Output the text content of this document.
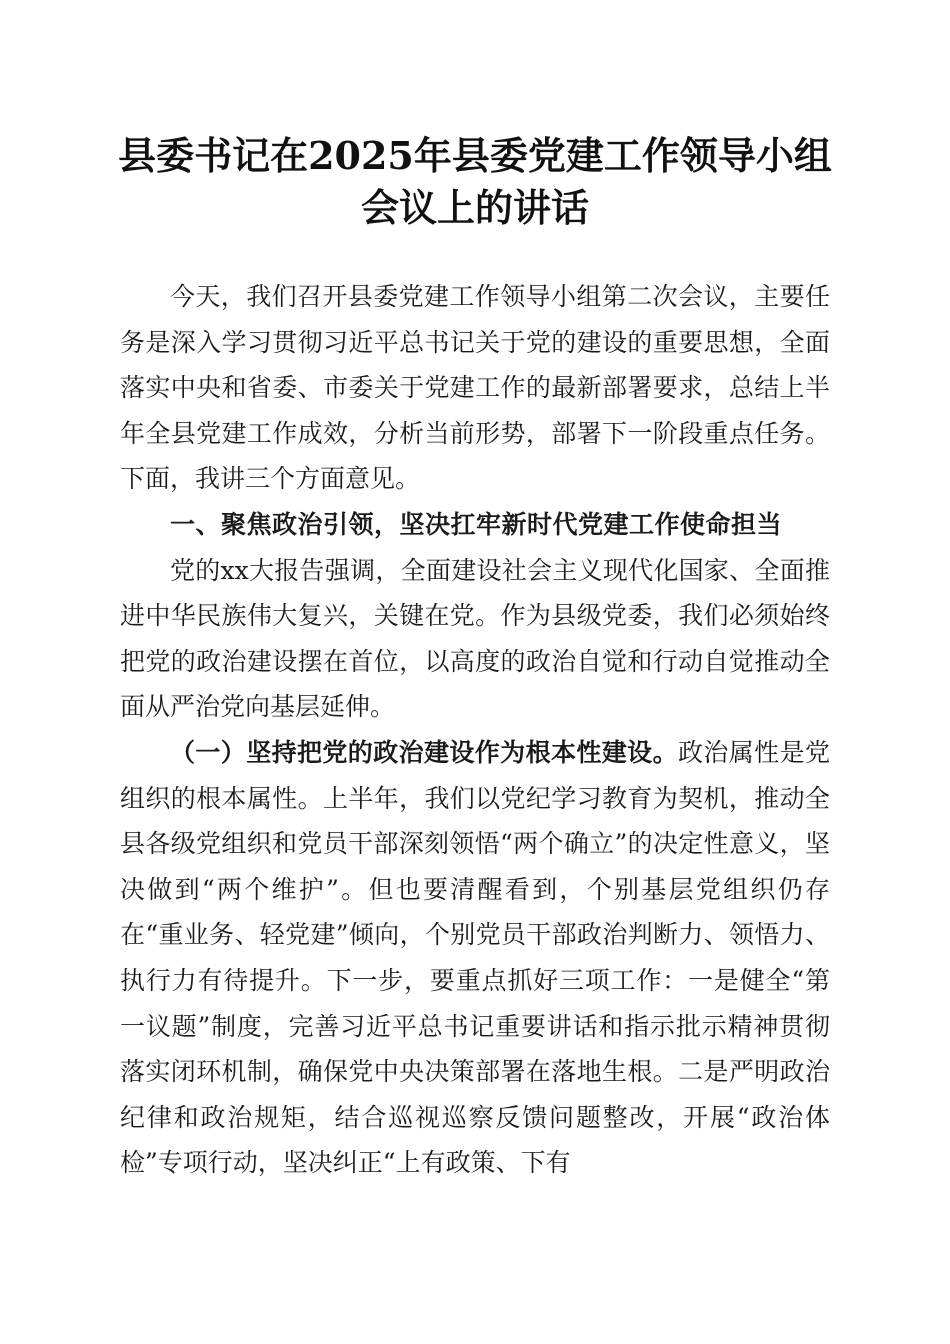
县委书记在2025年县委党建工作领导小组会议上的讲话

今天，我们召开县委党建工作领导小组第二次会议，主要任务是深入学习贯彻习近平总书记关于党的建设的重要思想，全面落实中央和省委、市委关于党建工作的最新部署要求，总结上半年全县党建工作成效，分析当前形势，部署下一阶段重点任务。下面，我讲三个方面意见。

一、聚焦政治引领，坚决扛牢新时代党建工作使命担当

党的xx大报告强调，全面建设社会主义现代化国家、全面推进中华民族伟大复兴，关键在党。作为县级党委，我们必须始终把党的政治建设摆在首位，以高度的政治自觉和行动自觉推动全面从严治党向基层延伸。

（一）坚持把党的政治建设作为根本性建设。政治属性是党组织的根本属性。上半年，我们以党纪学习教育为契机，推动全县各级党组织和党员干部深刻领悟“两个确立”的决定性意义，坚决做到“两个维护”。但也要清醒看到，个别基层党组织仍存在“重业务、轻党建”倾向，个别党员干部政治判断力、领悟力、执行力有待提升。下一步，要重点抓好三项工作：一是健全“第一议题”制度，完善习近平总书记重要讲话和指示批示精神贯彻落实闭环机制，确保党中央决策部署在落地生根。二是严明政治纪律和政治规矩，结合巡视巡察反馈问题整改，开展“政治体检”专项行动，坚决纠正“上有政策、下有
